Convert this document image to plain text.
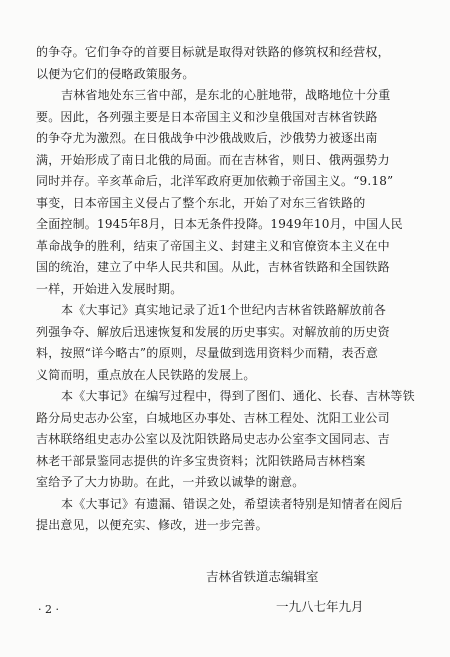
的争夺。它们争夺的首要目标就是取得对铁路的修筑权和经营权，
以便为它们的侵略政策服务。
吉林省地处东三省中部，是东北的心脏地带，战略地位十分重
要。因此，各列强主要是日本帝国主义和沙皇俄国对吉林省铁路
的争夺尤为激烈。在日俄战争中沙俄战败后，沙俄势力被逐出南
满，开始形成了南日北俄的局面。而在吉林省，则日、俄两强势力
同时并存。辛亥革命后，北洋军政府更加依赖于帝国主义。“9.18”
事变，日本帝国主义侵占了整个东北，开始了对东三省铁路的
全面控制。1945年8月，日本无条件投降。1949年10月，中国人民
革命战争的胜利，结束了帝国主义、封建主义和官僚资本主义在中
国的统治，建立了中华人民共和国。从此，吉林省铁路和全国铁路
一样，开始进入发展时期。
本《大事记》真实地记录了近1个世纪内吉林省铁路解放前各
列强争夺、解放后迅速恢复和发展的历史事实。对解放前的历史资
料，按照“详今略古”的原则，尽量做到选用资料少而精，表否意
义简而明，重点放在人民铁路的发展上。
本《大事记》在编写过程中，得到了图们、通化、长春、吉林等铁
路分局史志办公室，白城地区办事处、吉林工程处、沈阳工业公司
吉林联络组史志办公室以及沈阳铁路局史志办公室李文国同志、吉
林老干部景鉴同志提供的许多宝贵资料；沈阳铁路局吉林档案
室给予了大力协助。在此，一并致以诚挚的谢意。
本《大事记》有遗漏、错误之处，希望读者特别是知情者在阅后
提出意见，以便充实、修改，进一步完善。
吉林省铁道志编辑室
一九八七年九月
· 2 ·
